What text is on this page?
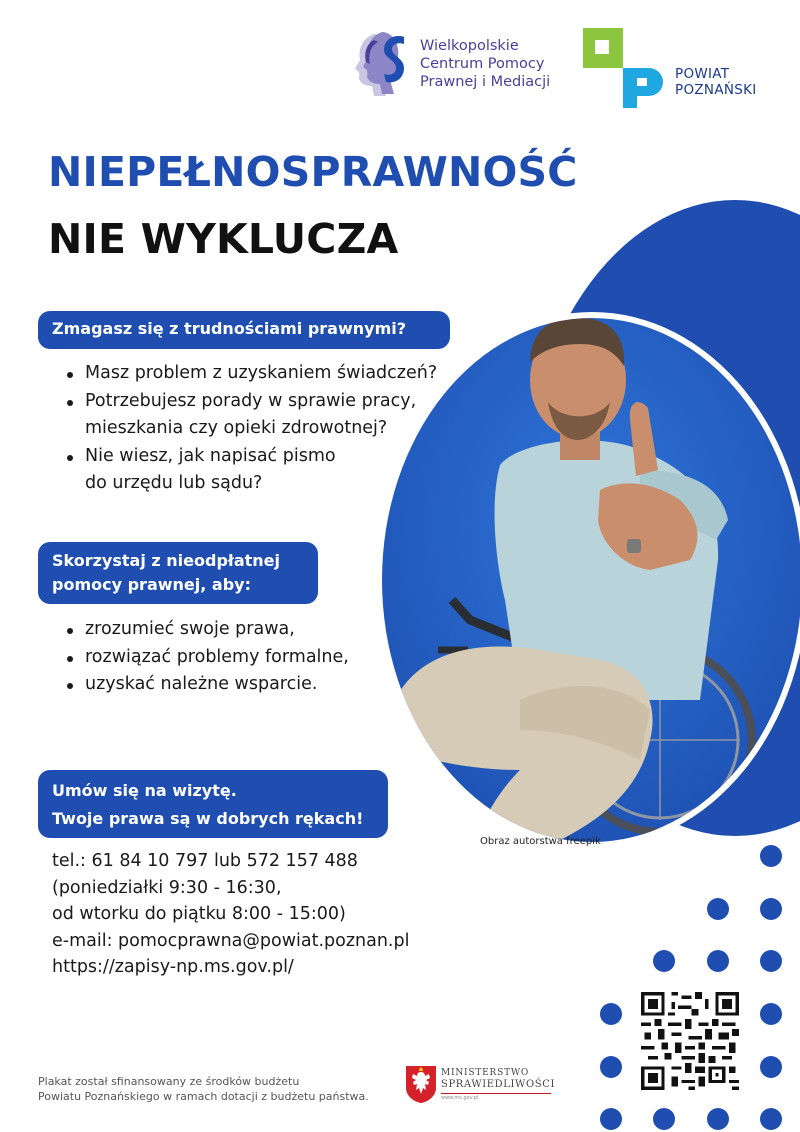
Wielkopolskie
Centrum Pomocy
Prawnej i Mediacji	POWIAT
POZNAŃSKI
NIEPEŁNOSPRAWNOŚĆ
NIE WYKLUCZA
Zmagasz się z trudnościami prawnymi?
Masz problem z uzyskaniem świadczeń?
Potrzebujesz porady w sprawie pracy,
mieszkania czy opieki zdrowotnej?
Nie wiesz, jak napisać pismo
do urzędu lub sądu?
Skorzystaj z nieodpłatnej
pomocy prawnej, aby:
zrozumieć swoje prawa,
rozwiązać problemy formalne,
uzyskać należne wsparcie.
Umów się na wizytę.
Twoje prawa są w dobrych rękach!
Obraz autorstwa freepik
tel.: 61 84 10 797 lub 572 157 488
(poniedziałki 9:30 - 16:30,
od wtorku do piątku 8:00 - 15:00)
e-mail: pomocprawna@powiat.poznan.pl
https://zapisy-np.ms.gov.pl/
Plakat został sfinansowany ze środków budżetu
Powiatu Poznańskiego w ramach dotacji z budżetu państwa.
MINISTERSTWO
SPRAWIEDLIWOŚCI
www.ms.gov.pl
